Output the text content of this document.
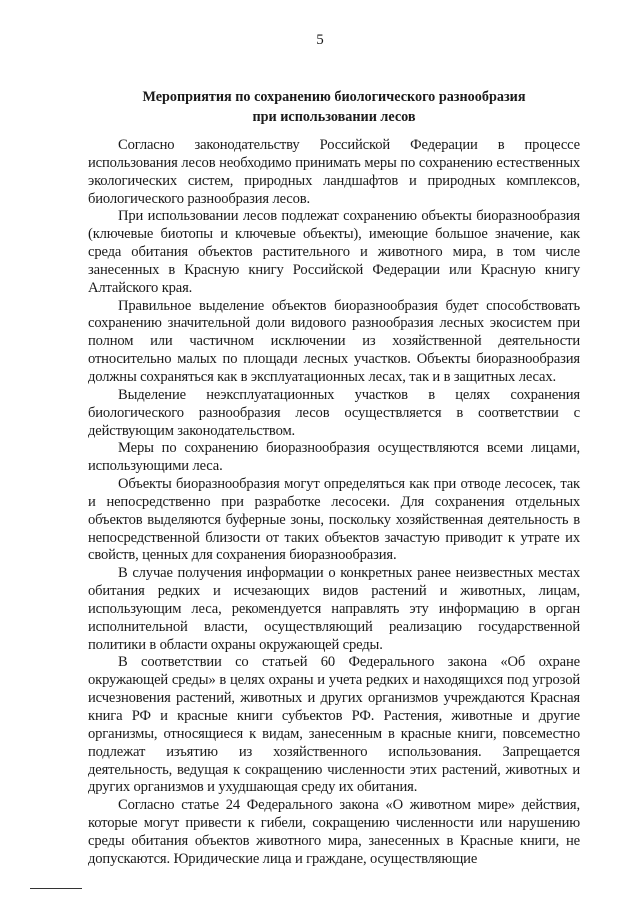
5
Мероприятия по сохранению биологического разнообразия
при использовании лесов

Согласно законодательству Российской Федерации в процессе использования лесов необходимо принимать меры по сохранению естественных экологических систем, природных ландшафтов и природных комплексов, биологического разнообразия лесов.

При использовании лесов подлежат сохранению объекты биоразнообразия (ключевые биотопы и ключевые объекты), имеющие большое значение, как среда обитания объектов растительного и животного мира, в том числе занесенных в Красную книгу Российской Федерации или Красную книгу Алтайского края.

Правильное выделение объектов биоразнообразия будет способствовать сохранению значительной доли видового разнообразия лесных экосистем при полном или частичном исключении из хозяйственной деятельности относительно малых по площади лесных участков. Объекты биоразнообразия должны сохраняться как в эксплуатационных лесах, так и в защитных лесах.

Выделение неэксплуатационных участков в целях сохранения биологического разнообразия лесов осуществляется в соответствии с действующим законодательством.

Меры по сохранению биоразнообразия осуществляются всеми лицами, использующими леса.

Объекты биоразнообразия могут определяться как при отводе лесосек, так и непосредственно при разработке лесосеки. Для сохранения отдельных объектов выделяются буферные зоны, поскольку хозяйственная деятельность в непосредственной близости от таких объектов зачастую приводит к утрате их свойств, ценных для сохранения биоразнообразия.

В случае получения информации о конкретных ранее неизвестных местах обитания редких и исчезающих видов растений и животных, лицам, использующим леса, рекомендуется направлять эту информацию в орган исполнительной власти, осуществляющий реализацию государственной политики в области охраны окружающей среды.

В соответствии со статьей 60 Федерального закона «Об охране окружающей среды» в целях охраны и учета редких и находящихся под угрозой исчезновения растений, животных и других организмов учреждаются Красная книга РФ и красные книги субъектов РФ. Растения, животные и другие организмы, относящиеся к видам, занесенным в красные книги, повсеместно подлежат изъятию из хозяйственного использования. Запрещается деятельность, ведущая к сокращению численности этих растений, животных и других организмов и ухудшающая среду их обитания.

Согласно статье 24 Федерального закона «О животном мире» действия, которые могут привести к гибели, сокращению численности или нарушению среды обитания объектов животного мира, занесенных в Красные книги, не допускаются. Юридические лица и граждане, осуществляющие
